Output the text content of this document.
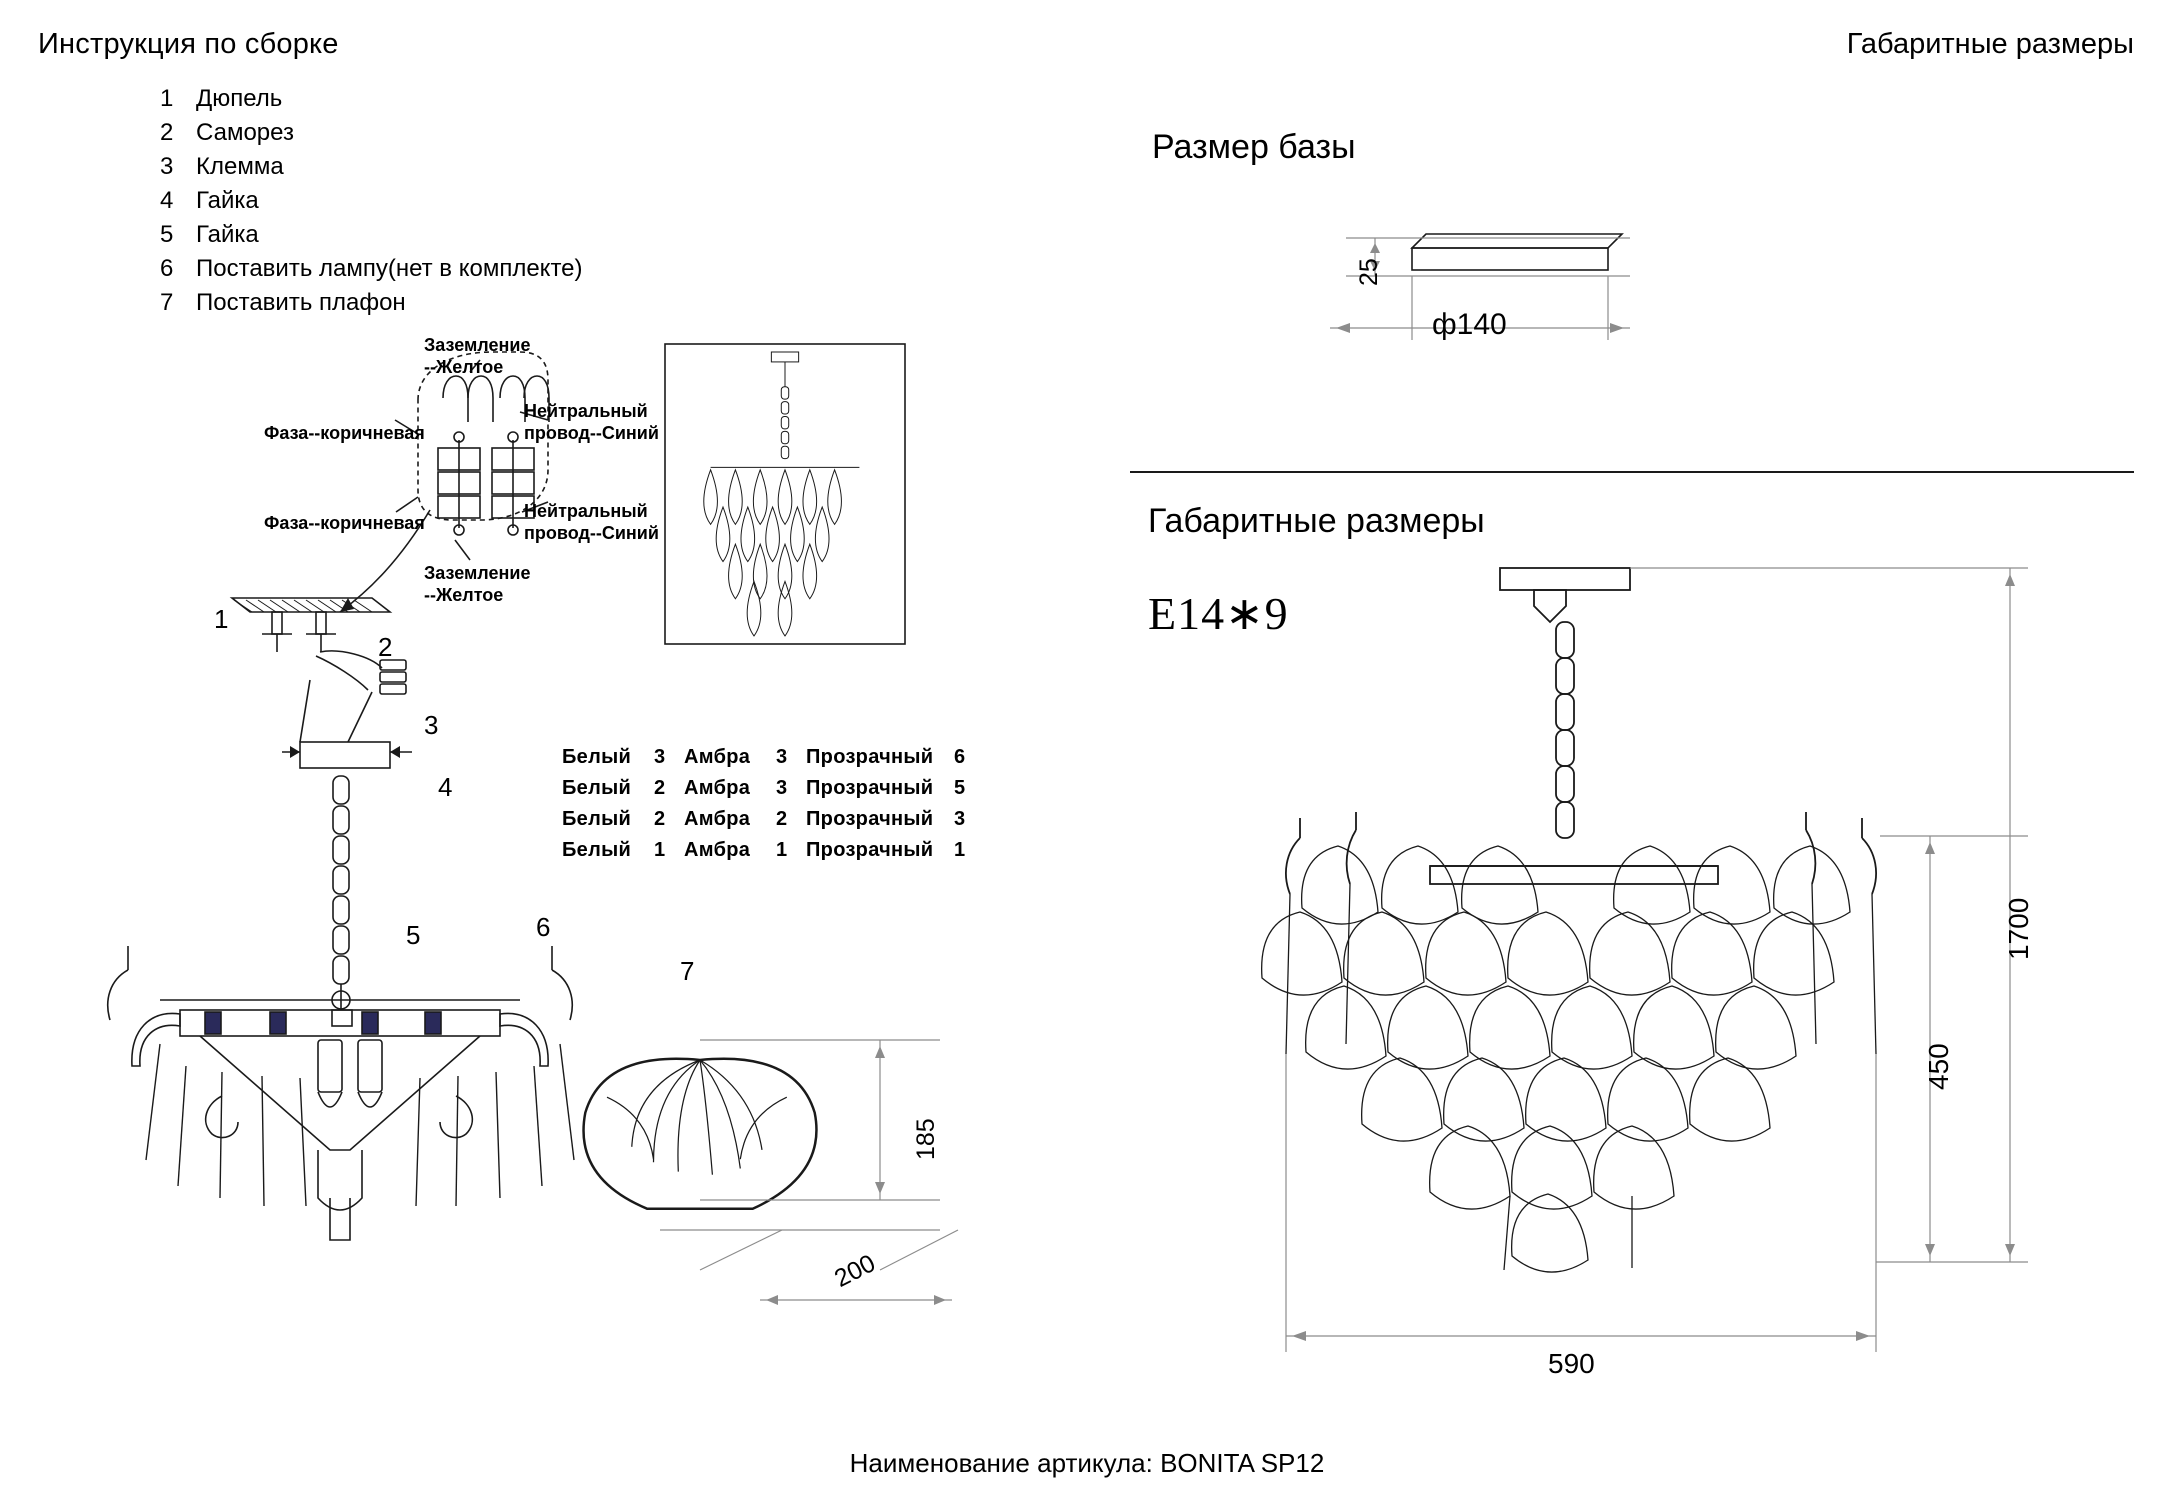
Инструкция по сборке	Габаритные размеры
1 Дюпель
2 Саморез
3 Клемма
4 Гайка
5 Гайка
6 Поставить лампу(нет в комплекте)
7 Поставить плафон
Заземление
--Желтое
Фаза--коричневая
Нейтральный
провод--Синий
Фаза--коричневая
Нейтральный
провод--Синий
Заземление
--Желтое
Белый	3 Амбра	3 Прозрачный	6
Белый	2 Амбра	3 Прозрачный	5
Белый	2 Амбра	2 Прозрачный	3
Белый	1 Амбра	1 Прозрачный	1
1
2
3
4
5	6
7
185
200
Размер базы
25
ф140
Габаритные размеры
E14∗9
1700
450
590
Наименование артикула: BONITA SP12
